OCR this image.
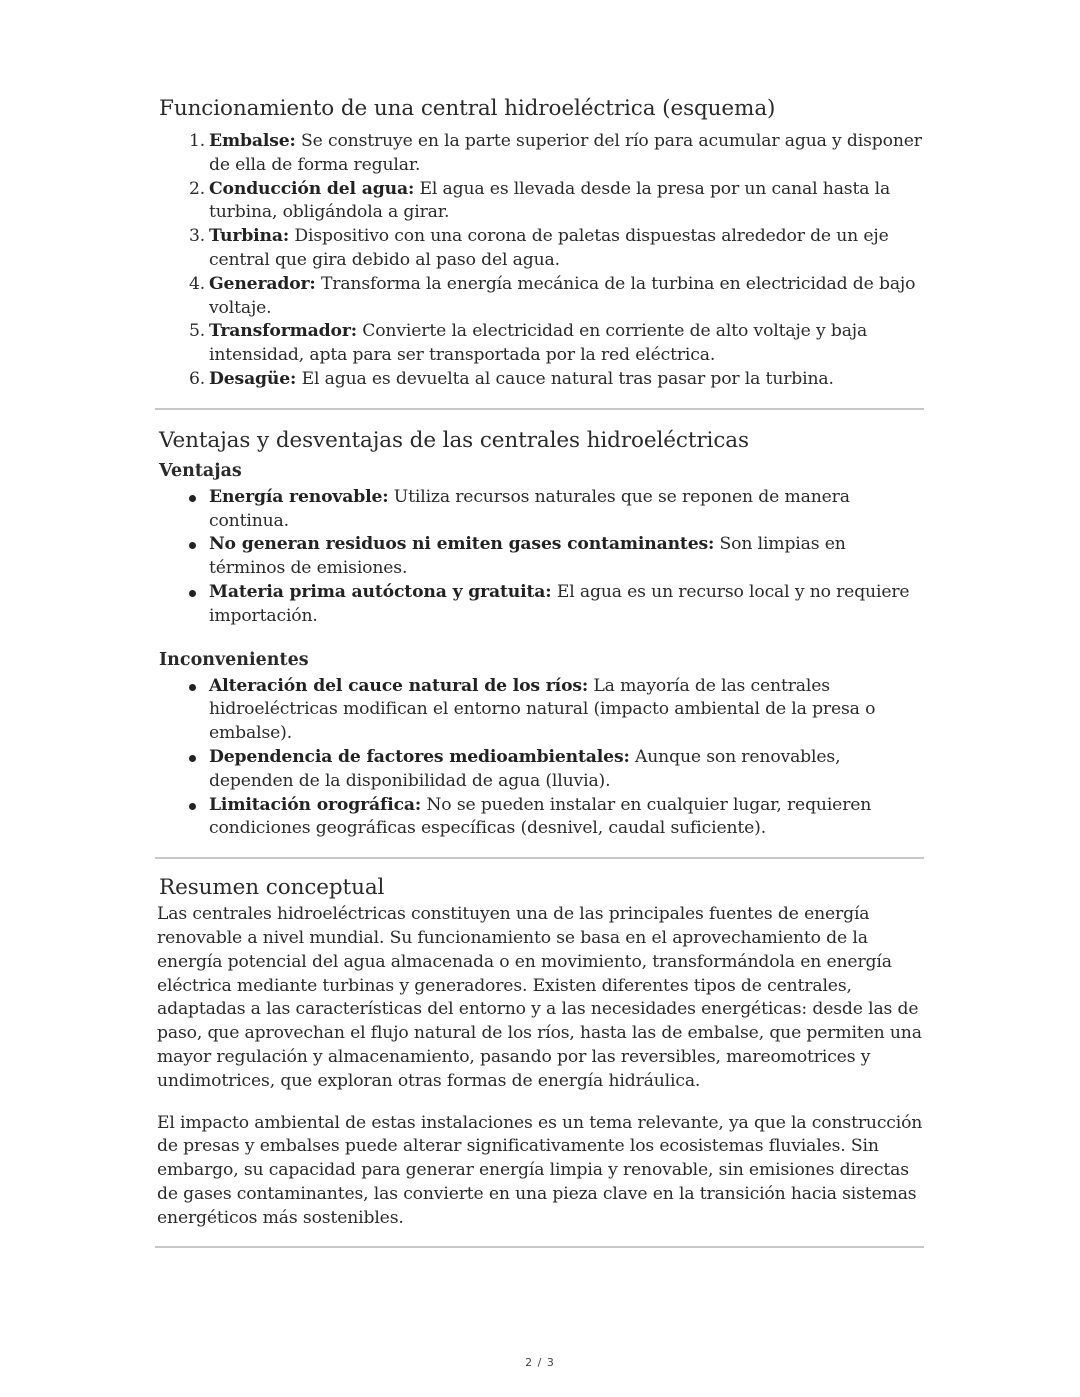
Funcionamiento de una central hidroeléctrica (esquema)
1. Embalse: Se construye en la parte superior del río para acumular agua y disponer de ella de forma regular.
2. Conducción del agua: El agua es llevada desde la presa por un canal hasta la turbina, obligándola a girar.
3. Turbina: Dispositivo con una corona de paletas dispuestas alrededor de un eje central que gira debido al paso del agua.
4. Generador: Transforma la energía mecánica de la turbina en electricidad de bajo voltaje.
5. Transformador: Convierte la electricidad en corriente de alto voltaje y baja intensidad, apta para ser transportada por la red eléctrica.
6. Desagüe: El agua es devuelta al cauce natural tras pasar por la turbina.
Ventajas y desventajas de las centrales hidroeléctricas
Ventajas
Energía renovable: Utiliza recursos naturales que se reponen de manera continua.
No generan residuos ni emiten gases contaminantes: Son limpias en términos de emisiones.
Materia prima autóctona y gratuita: El agua es un recurso local y no requiere importación.
Inconvenientes
Alteración del cauce natural de los ríos: La mayoría de las centrales hidroeléctricas modifican el entorno natural (impacto ambiental de la presa o embalse).
Dependencia de factores medioambientales: Aunque son renovables, dependen de la disponibilidad de agua (lluvia).
Limitación orográfica: No se pueden instalar en cualquier lugar, requieren condiciones geográficas específicas (desnivel, caudal suficiente).
Resumen conceptual

Las centrales hidroeléctricas constituyen una de las principales fuentes de energía renovable a nivel mundial. Su funcionamiento se basa en el aprovechamiento de la energía potencial del agua almacenada o en movimiento, transformándola en energía eléctrica mediante turbinas y generadores. Existen diferentes tipos de centrales, adaptadas a las características del entorno y a las necesidades energéticas: desde las de paso, que aprovechan el flujo natural de los ríos, hasta las de embalse, que permiten una mayor regulación y almacenamiento, pasando por las reversibles, mareomotrices y undimotrices, que exploran otras formas de energía hidráulica.

El impacto ambiental de estas instalaciones es un tema relevante, ya que la construcción de presas y embalses puede alterar significativamente los ecosistemas fluviales. Sin embargo, su capacidad para generar energía limpia y renovable, sin emisiones directas de gases contaminantes, las convierte en una pieza clave en la transición hacia sistemas energéticos más sostenibles.

2 / 3
